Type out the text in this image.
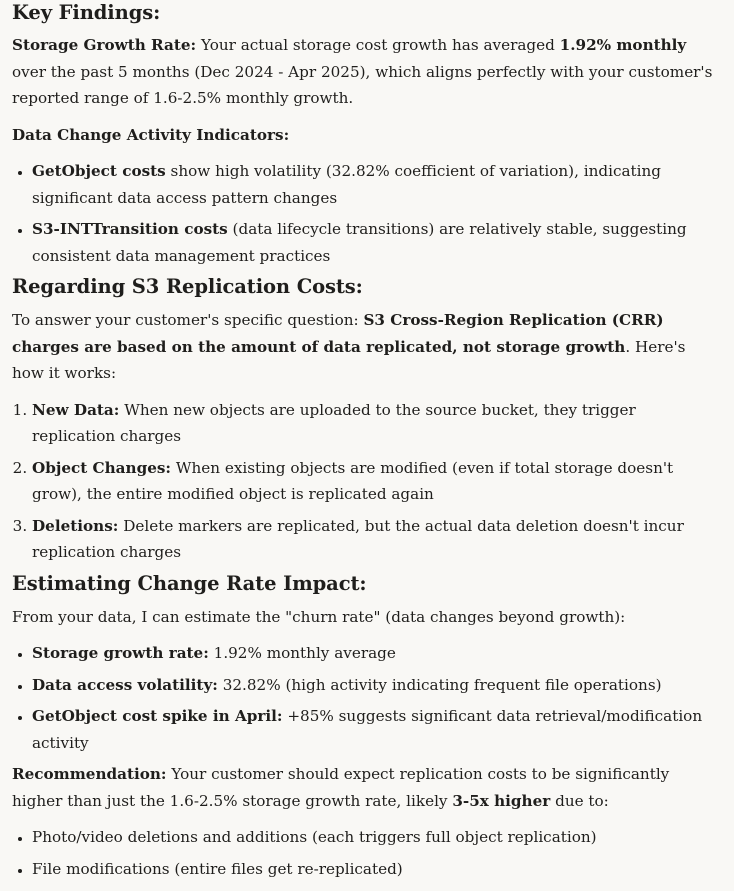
Key Findings:

Storage Growth Rate: Your actual storage cost growth has averaged 1.92% monthly over the past 5 months (Dec 2024 - Apr 2025), which aligns perfectly with your customer's reported range of 1.6-2.5% monthly growth.

Data Change Activity Indicators:

• GetObject costs show high volatility (32.82% coefficient of variation), indicating significant data access pattern changes
• S3-INTTransition costs (data lifecycle transitions) are relatively stable, suggesting consistent data management practices
Regarding S3 Replication Costs:

To answer your customer's specific question: S3 Cross-Region Replication (CRR) charges are based on the amount of data replicated, not storage growth. Here's how it works:

1. New Data: When new objects are uploaded to the source bucket, they trigger replication charges
2. Object Changes: When existing objects are modified (even if total storage doesn't grow), the entire modified object is replicated again
3. Deletions: Delete markers are replicated, but the actual data deletion doesn't incur replication charges
Estimating Change Rate Impact:

From your data, I can estimate the "churn rate" (data changes beyond growth):

• Storage growth rate: 1.92% monthly average
• Data access volatility: 32.82% (high activity indicating frequent file operations)
• GetObject cost spike in April: +85% suggests significant data retrieval/modification activity

Recommendation: Your customer should expect replication costs to be significantly higher than just the 1.6-2.5% storage growth rate, likely 3-5x higher due to:

• Photo/video deletions and additions (each triggers full object replication)
• File modifications (entire files get re-replicated)
